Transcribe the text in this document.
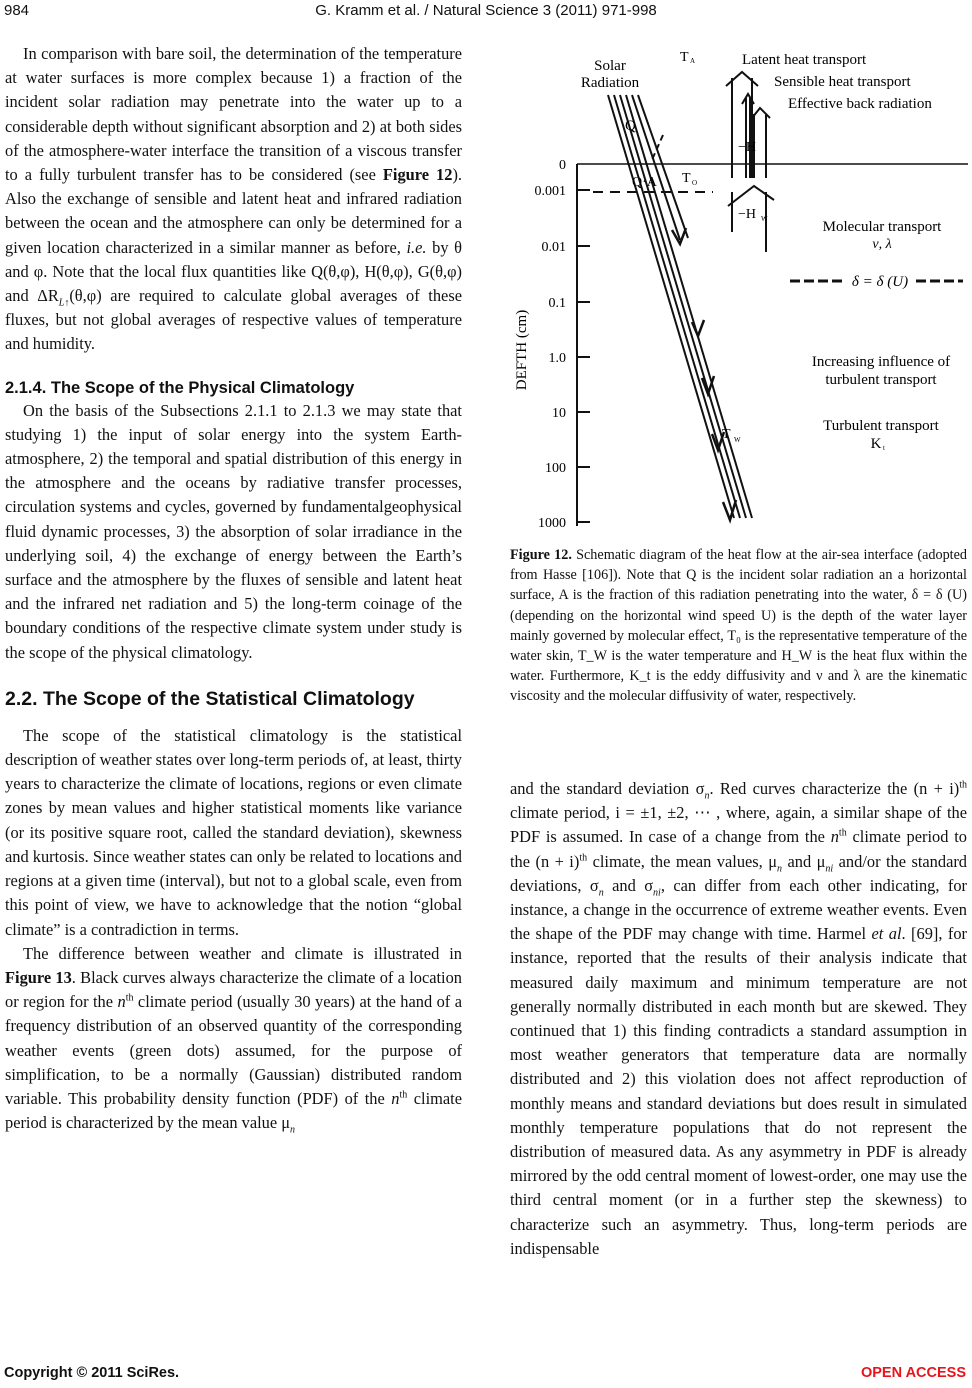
984	G. Kramm et al. / Natural Science 3 (2011) 971-998

In comparison with bare soil, the determination of the temperature at water surfaces is more complex because 1) a fraction of the incident solar radiation may penetrate into the water up to a considerable depth without significant absorption and 2) at both sides of the atmosphere-water interface the transition of a viscous transfer to a fully turbulent transfer has to be considered (see Figure 12). Also the exchange of sensible and latent heat and infrared radiation between the ocean and the atmosphere can only be determined for a given location characterized in a similar manner as before, i.e. by θ and φ. Note that the local flux quantities like Q(θ,φ), H(θ,φ), G(θ,φ) and $\Delta R_{L↑}(\theta,\varphi)$ are required to calculate global averages of these fluxes, but not global averages of respective values of temperature and humidity.

2.1.4. The Scope of the Physical Climatology

On the basis of the Subsections 2.1.1 to 2.1.3 we may state that studying 1) the input of solar energy into the system Earth-atmosphere, 2) the temporal and spatial distribution of this energy in the atmosphere and the oceans by radiative transfer processes, circulation systems and cycles, governed by fundamentalgeophysical fluid dynamic processes, 3) the absorption of solar irradiance in the underlying soil, 4) the exchange of energy between the Earth’s surface and the atmosphere by the fluxes of sensible and latent heat and the infrared net radiation and 5) the long-term coinage of the boundary conditions of the respective climate system under study is the scope of the physical climatology.

2.2. The Scope of the Statistical Climatology

The scope of the statistical climatology is the statistical description of weather states over long-term periods of, at least, thirty years to characterize the climate of locations, regions or even climate zones by mean values and higher statistical moments like variance (or its positive square root, called the standard deviation), skewness and kurtosis. Since weather states can only be related to locations and regions at a given time (interval), but not to a global scale, even from this point of view, we have to acknowledge that the notion “global climate” is a contradiction in terms.

The difference between weather and climate is illustrated in Figure 13. Black curves always characterize the climate of a location or region for the $n^{th}$ climate period (usually 30 years) at the hand of a frequency distribution of an observed quantity of the corresponding weather events (green dots) assumed, for the purpose of simplification, to be a normally (Gaussian) distributed random variable. This probability density function (PDF) of the $n^{th}$ climate period is characterized by the mean value $\mu_n$

0
0.001
0.01
0.1
1.0
10
100
1000
DEFTH (cm)
Solar
Radiation
T A
Q
Q·A T O
−H
−H W
T W
Latent heat transport
Sensible heat transport
Effective back radiation
Molecular transport
ν, λ
δ = δ (U)
Increasing influence of
turbulent transport
Turbulent transport
K t
Figure 12. Schematic diagram of the heat flow at the air-sea interface (adopted from Hasse [106]). Note that Q is the incident solar radiation an a horizontal surface, A is the fraction of this radiation penetrating into the water, δ = δ (U) (depending on the horizontal wind speed U) is the depth of the water layer mainly governed by molecular effect, T₀ is the representative temperature of the water skin, T_W is the water temperature and H_W is the heat flux within the water. Furthermore, K_t is the eddy diffusivity and ν and λ are the kinematic viscosity and the molecular diffusivity of water, respectively.

and the standard deviation $\sigma_n$. Red curves characterize the $(n + i)^{th}$ climate period, i = ±1, ±2, ⋯ , where, again, a similar shape of the PDF is assumed. In case of a change from the $n^{th}$ climate period to the $(n + i)^{th}$ climate, the mean values, $\mu_n$ and $\mu_{ni}$ and/or the standard deviations, $\sigma_n$ and $\sigma_{ni}$, can differ from each other indicating, for instance, a change in the occurrence of extreme weather events. Even the shape of the PDF may change with time. Harmel et al. [69], for instance, reported that the results of their analysis indicate that measured daily maximum and minimum temperature are not generally normally distributed in each month but are skewed. They continued that 1) this finding contradicts a standard assumption in most weather generators that temperature data are normally distributed and 2) this violation does not affect reproduction of monthly means and standard deviations but does result in simulated monthly temperature populations that do not represent the distribution of measured data. As any asymmetry in PDF is already mirrored by the odd central moment of lowest-order, one may use the third central moment (or in a further step the skewness) to characterize such an asymmetry. Thus, long-term periods are indispensable

Copyright © 2011 SciRes.	OPEN ACCESS
